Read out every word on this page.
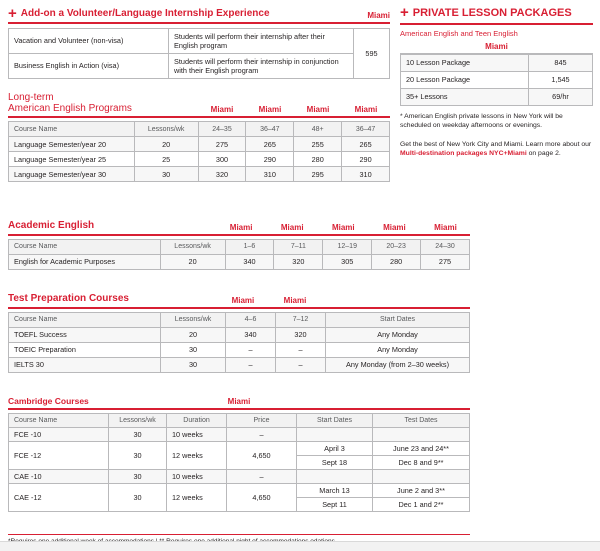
+ Add-on a Volunteer/Language Internship Experience	Miami
Vacation and Volunteer (non-visa)	Students will perform their internship after their English program	595
Business English in Action (visa)	Students will perform their internship in conjunction with their English program	
Long-term
American English Programs	Miami	Miami	Miami	Miami
Course Name	Lessons/wk	24–35	36–47	48+	36–47
Language Semester/year 20	20	275	265	255	265
Language Semester/year 25	25	300	290	280	290
Language Semester/year 30	30	320	310	295	310
Academic English	Miami	Miami	Miami	Miami	Miami
Course Name	Lessons/wk	1–6	7–11	12–19	20–23	24–30
English for Academic Purposes	20	340	320	305	280	275
Test Preparation Courses	Miami	Miami
Course Name	Lessons/wk	4–6	7–12	Start Dates
TOEFL Success	20	340	320	Any Monday
TOEIC Preparation	30	–	–	Any Monday
IELTS 30	30	–	–	Any Monday (from 2–30 weeks)
Cambridge Courses	Miami
Course Name	Lessons/wk	Duration	Price	Start Dates	Test Dates
FCE -10	30	10 weeks	–		
FCE -12	30	12 weeks	4,650	April 3	June 23 and 24**
				Sept 18	Dec 8 and 9**
CAE -10	30	10 weeks	–		
CAE -12	30	12 weeks	4,650	March 13	June 2 and 3**
				Sept 11	Dec 1 and 2**
+ PRIVATE LESSON PACKAGES
American English and Teen English
Miami
10 Lesson Package	845
20 Lesson Package	1,545
35+ Lessons	69/hr
* American English private lessons in New York will be scheduled on weekday afternoons or evenings.
Get the best of New York City and Miami. Learn more about our Multi-destination packages NYC+Miami on page 2.
